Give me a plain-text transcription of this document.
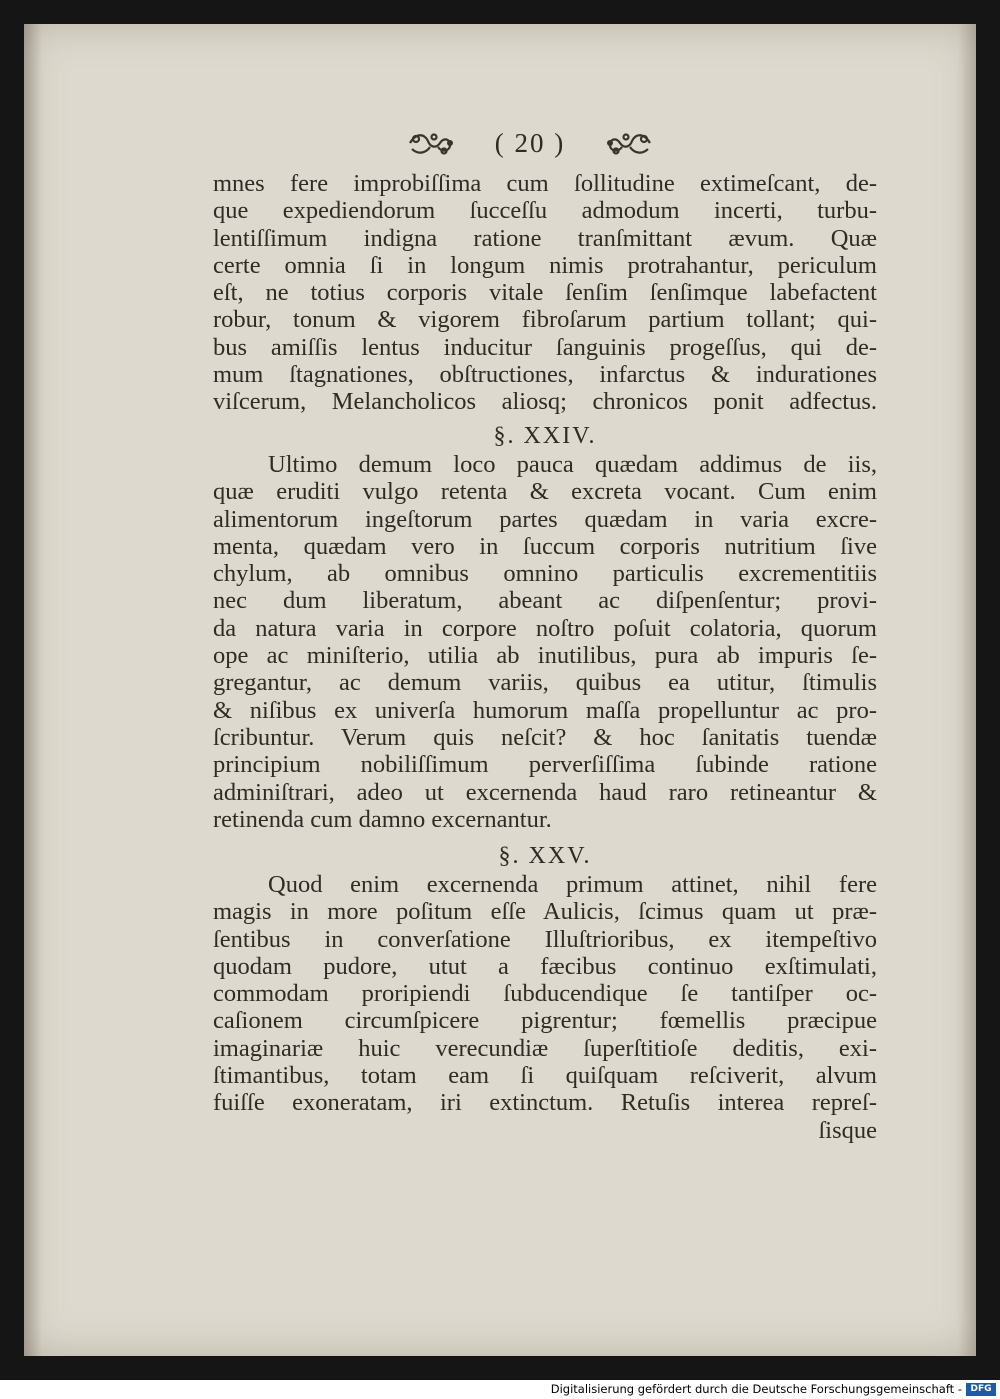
( 20 )
mnes fere improbiſſima cum ſollitudine extimeſcant, de-
que expediendorum ſucceſſu admodum incerti, turbu-
lentiſſimum indigna ratione tranſmittant ævum. Quæ
certe omnia ſi in longum nimis protrahantur, periculum
eſt, ne totius corporis vitale ſenſim ſenſimque labefactent
robur, tonum & vigorem fibroſarum partium tollant; qui-
bus amiſſis lentus inducitur ſanguinis progeſſus, qui de-
mum ſtagnationes, obſtructiones, infarctus & indurationes
viſcerum, Melancholicos aliosq; chronicos ponit adfectus.
§. XXIV.
Ultimo demum loco pauca quædam addimus de iis,
quæ eruditi vulgo retenta & excreta vocant. Cum enim
alimentorum ingeſtorum partes quædam in varia excre-
menta, quædam vero in ſuccum corporis nutritium ſive
chylum, ab omnibus omnino particulis excrementitiis
nec dum liberatum, abeant ac diſpenſentur; provi-
da natura varia in corpore noſtro poſuit colatoria, quorum
ope ac miniſterio, utilia ab inutilibus, pura ab impuris ſe-
gregantur, ac demum variis, quibus ea utitur, ſtimulis
& niſibus ex univerſa humorum maſſa propelluntur ac pro-
ſcribuntur. Verum quis neſcit? & hoc ſanitatis tuendæ
principium nobiliſſimum perverſiſſima ſubinde ratione
adminiſtrari, adeo ut excernenda haud raro retineantur &
retinenda cum damno excernantur.
§. XXV.
Quod enim excernenda primum attinet, nihil fere
magis in more poſitum eſſe Aulicis, ſcimus quam ut præ-
ſentibus in converſatione Illuſtrioribus, ex itempeſtivo
quodam pudore, utut a fæcibus continuo exſtimulati,
commodam proripiendi ſubducendique ſe tantiſper oc-
caſionem circumſpicere pigrentur; fœmellis præcipue
imaginariæ huic verecundiæ ſuperſtitioſe deditis, exi-
ſtimantibus, totam eam ſi quiſquam reſciverit, alvum
fuiſſe exoneratam, iri extinctum. Retuſis interea repreſ-
ſisque
Digitalisierung gefördert durch die Deutsche Forschungsgemeinschaft - DFG
